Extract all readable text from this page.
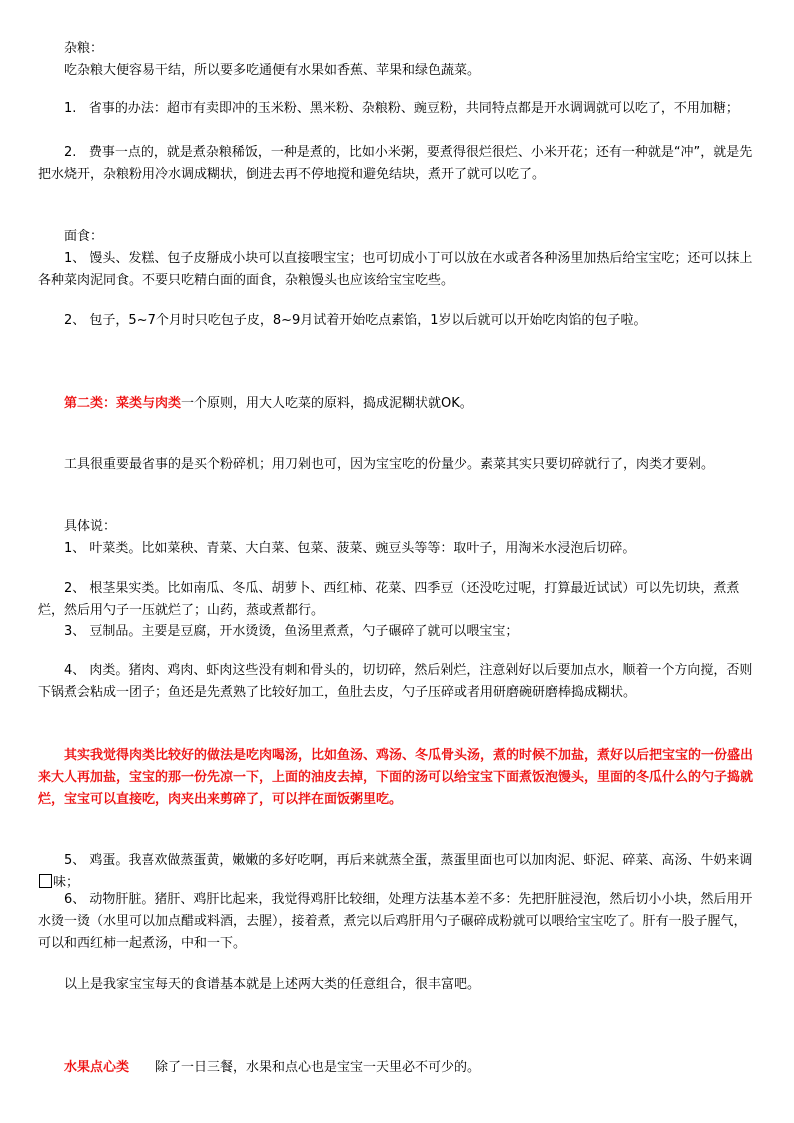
杂粮：

吃杂粮大便容易干结，所以要多吃通便有水果如香蕉、苹果和绿色蔬菜。

1. 省事的办法：超市有卖即冲的玉米粉、黑米粉、杂粮粉、豌豆粉，共同特点都是开水调调就可以吃了，不用加糖；

2. 费事一点的，就是煮杂粮稀饭，一种是煮的，比如小米粥，要煮得很烂很烂、小米开花；还有一种就是“冲”，就是先把水烧开，杂粮粉用冷水调成糊状，倒进去再不停地搅和避免结块，煮开了就可以吃了。

面食：

1、 馒头、发糕、包子皮掰成小块可以直接喂宝宝；也可切成小丁可以放在水或者各种汤里加热后给宝宝吃；还可以抹上各种菜肉泥同食。不要只吃精白面的面食，杂粮馒头也应该给宝宝吃些。

2、 包子，5~7个月时只吃包子皮，8~9月试着开始吃点素馅，1岁以后就可以开始吃肉馅的包子啦。

第二类：菜类与肉类一个原则，用大人吃菜的原料，捣成泥糊状就OK。

工具很重要最省事的是买个粉碎机；用刀剁也可，因为宝宝吃的份量少。素菜其实只要切碎就行了，肉类才要剁。

具体说：

1、 叶菜类。比如菜秧、青菜、大白菜、包菜、菠菜、豌豆头等等：取叶子，用淘米水浸泡后切碎。

2、 根茎果实类。比如南瓜、冬瓜、胡萝卜、西红柿、花菜、四季豆（还没吃过呢，打算最近试试）可以先切块，煮煮烂，然后用勺子一压就烂了；山药，蒸或煮都行。

3、 豆制品。主要是豆腐，开水烫烫，鱼汤里煮煮，勺子碾碎了就可以喂宝宝；

4、 肉类。猪肉、鸡肉、虾肉这些没有刺和骨头的，切切碎，然后剁烂，注意剁好以后要加点水，顺着一个方向搅，否则下锅煮会粘成一团子；鱼还是先煮熟了比较好加工，鱼肚去皮，勺子压碎或者用研磨碗研磨棒捣成糊状。

其实我觉得肉类比较好的做法是吃肉喝汤，比如鱼汤、鸡汤、冬瓜骨头汤，煮的时候不加盐，煮好以后把宝宝的一份盛出来大人再加盐，宝宝的那一份先凉一下，上面的油皮去掉，下面的汤可以给宝宝下面煮饭泡馒头，里面的冬瓜什么的勺子捣就烂，宝宝可以直接吃，肉夹出来剪碎了，可以拌在面饭粥里吃。

5、 鸡蛋。我喜欢做蒸蛋黄，嫩嫩的多好吃啊，再后来就蒸全蛋，蒸蛋里面也可以加肉泥、虾泥、碎菜、高汤、牛奶来调味；

6、 动物肝脏。猪肝、鸡肝比起来，我觉得鸡肝比较细，处理方法基本差不多：先把肝脏浸泡，然后切小小块，然后用开水烫一烫（水里可以加点醋或料酒，去腥），接着煮，煮完以后鸡肝用勺子碾碎成粉就可以喂给宝宝吃了。肝有一股子腥气，可以和西红柿一起煮汤，中和一下。

以上是我家宝宝每天的食谱基本就是上述两大类的任意组合，很丰富吧。

水果点心类 除了一日三餐，水果和点心也是宝宝一天里必不可少的。
